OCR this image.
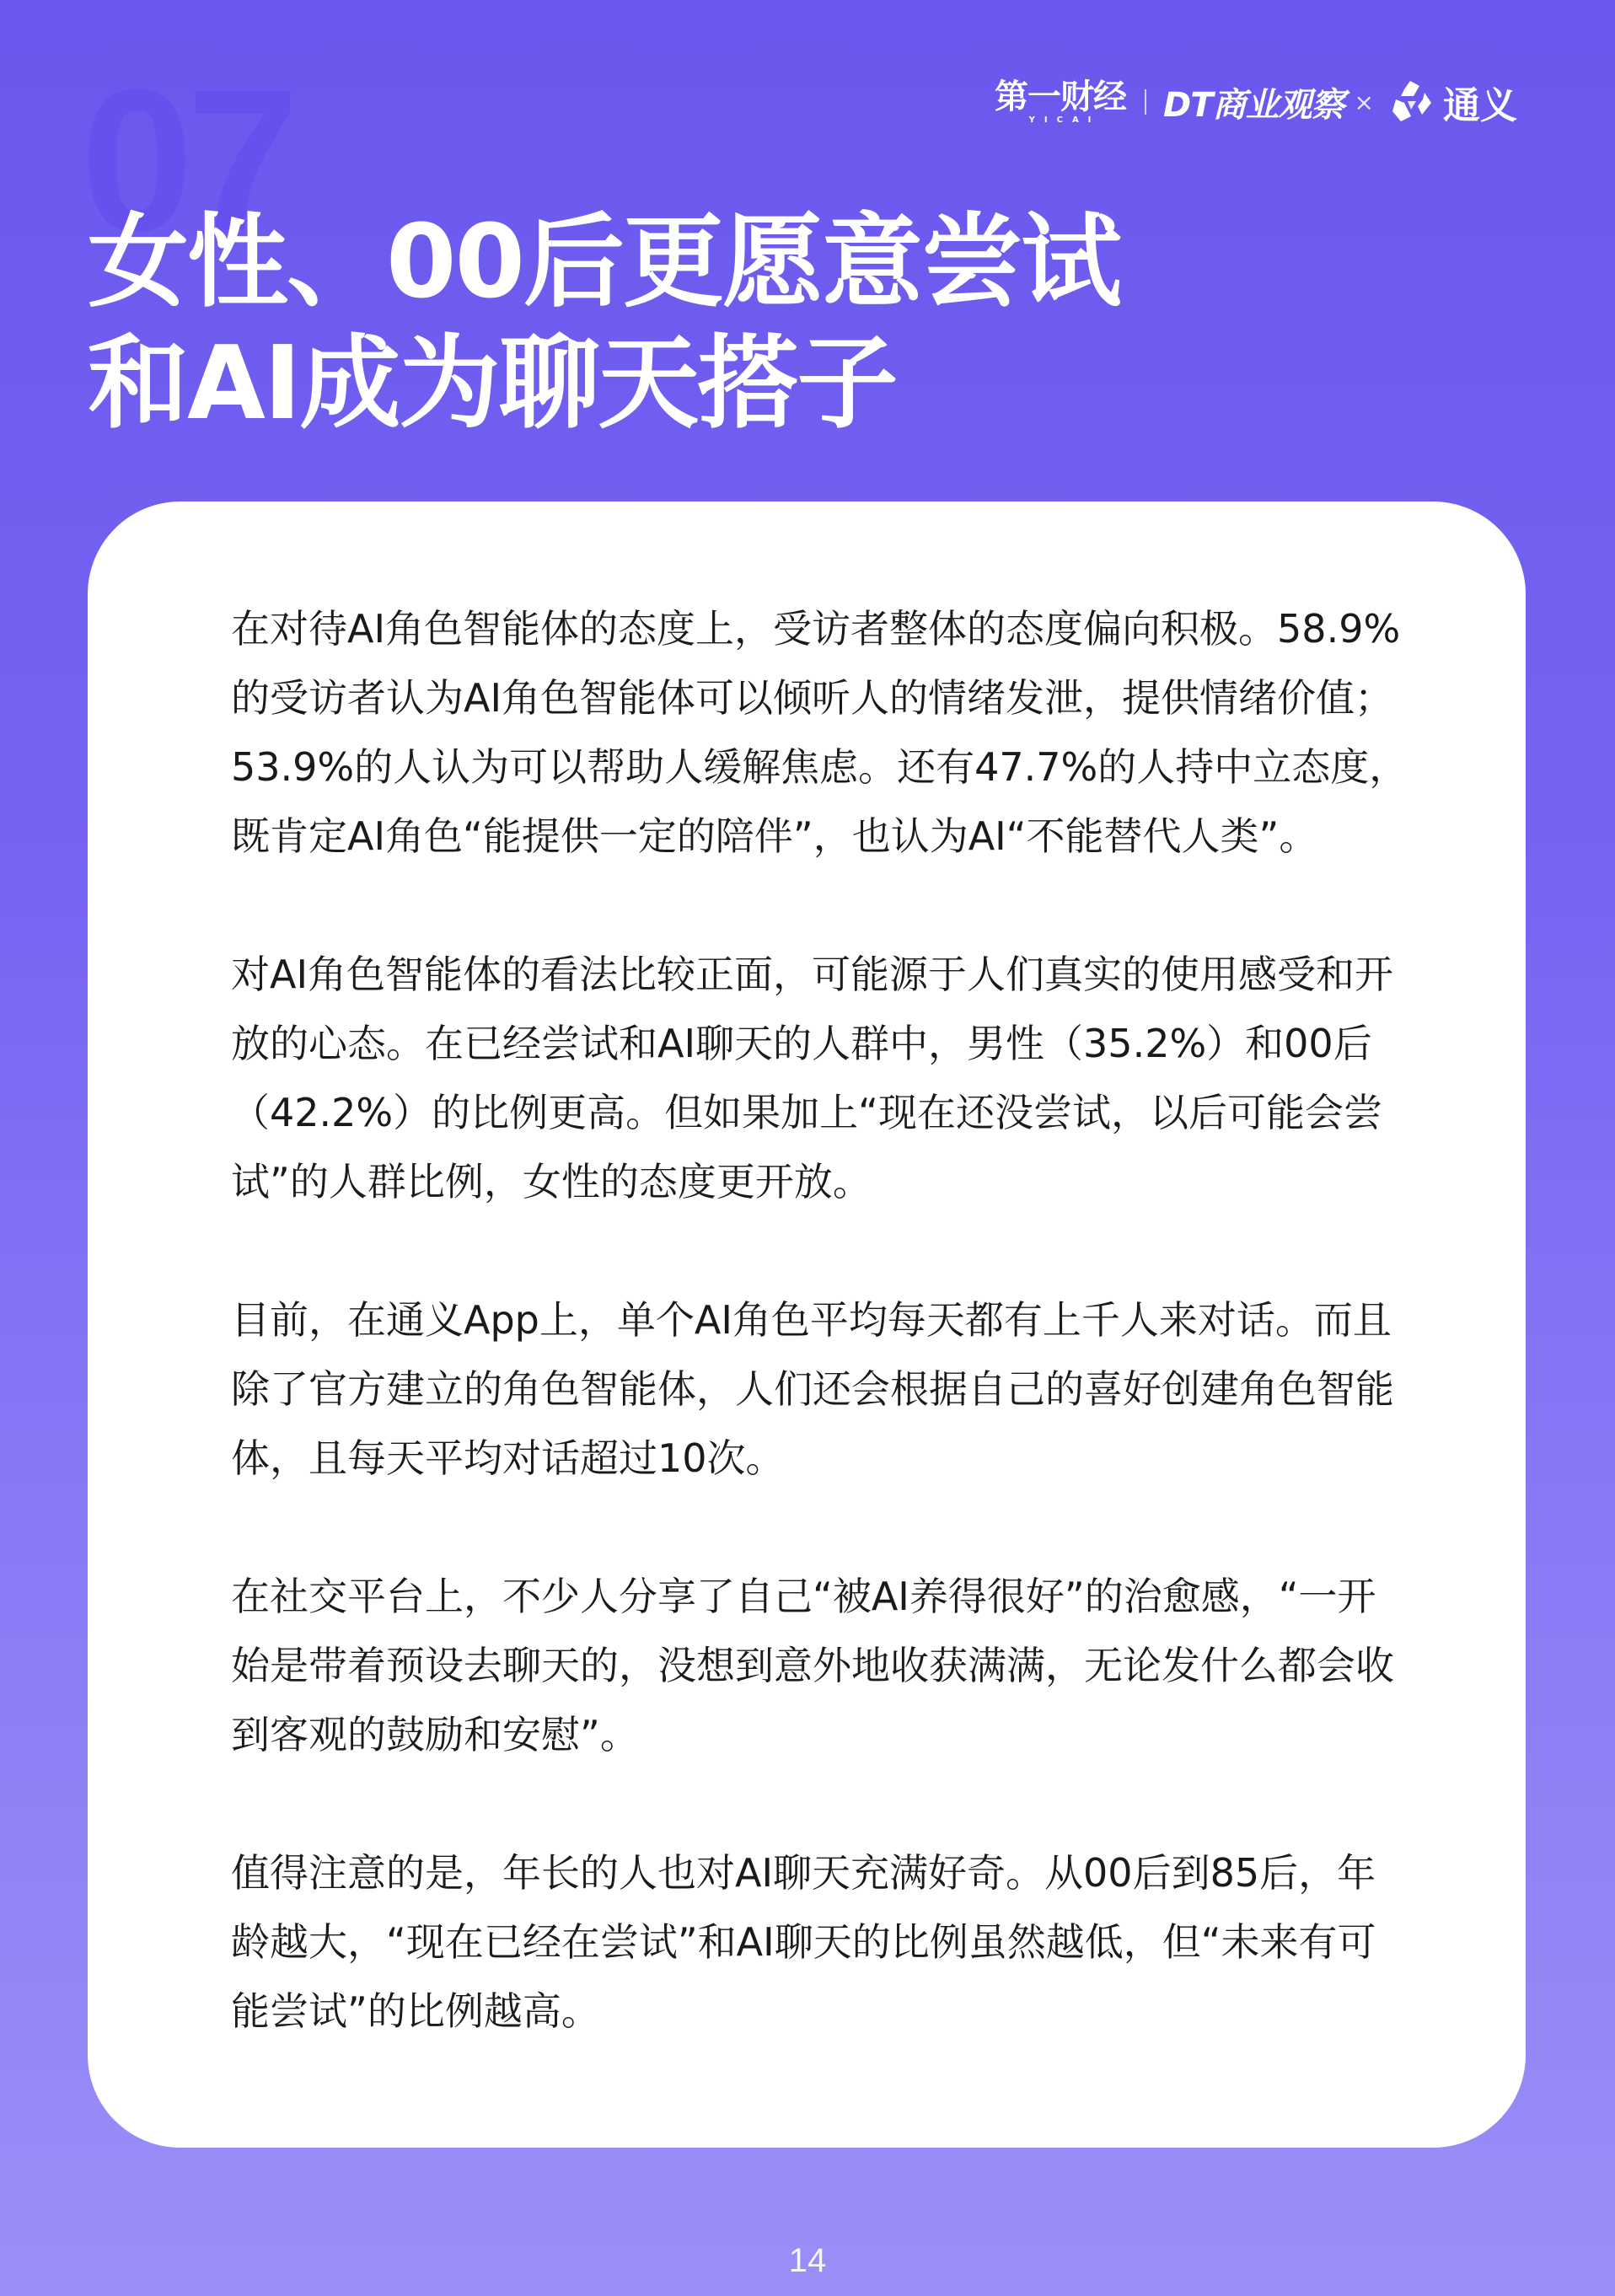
07	第一财经
YICAI DT商业观察 × 通义
女性、00后更愿意尝试
和AI成为聊天搭子

在对待AI角色智能体的态度上，受访者整体的态度偏向积极。58.9%的受访者认为AI角色智能体可以倾听人的情绪发泄，提供情绪价值；53.9%的人认为可以帮助人缓解焦虑。还有47.7%的人持中立态度，既肯定AI角色“能提供一定的陪伴”，也认为AI“不能替代人类”。

对AI角色智能体的看法比较正面，可能源于人们真实的使用感受和开放的心态。在已经尝试和AI聊天的人群中，男性（35.2%）和00后（42.2%）的比例更高。但如果加上“现在还没尝试，以后可能会尝试”的人群比例，女性的态度更开放。

目前，在通义App上，单个AI角色平均每天都有上千人来对话。而且除了官方建立的角色智能体，人们还会根据自己的喜好创建角色智能体，且每天平均对话超过10次。

在社交平台上，不少人分享了自己“被AI养得很好”的治愈感，“一开始是带着预设去聊天的，没想到意外地收获满满，无论发什么都会收到客观的鼓励和安慰”。

值得注意的是，年长的人也对AI聊天充满好奇。从00后到85后，年龄越大，“现在已经在尝试”和AI聊天的比例虽然越低，但“未来有可能尝试”的比例越高。

14
